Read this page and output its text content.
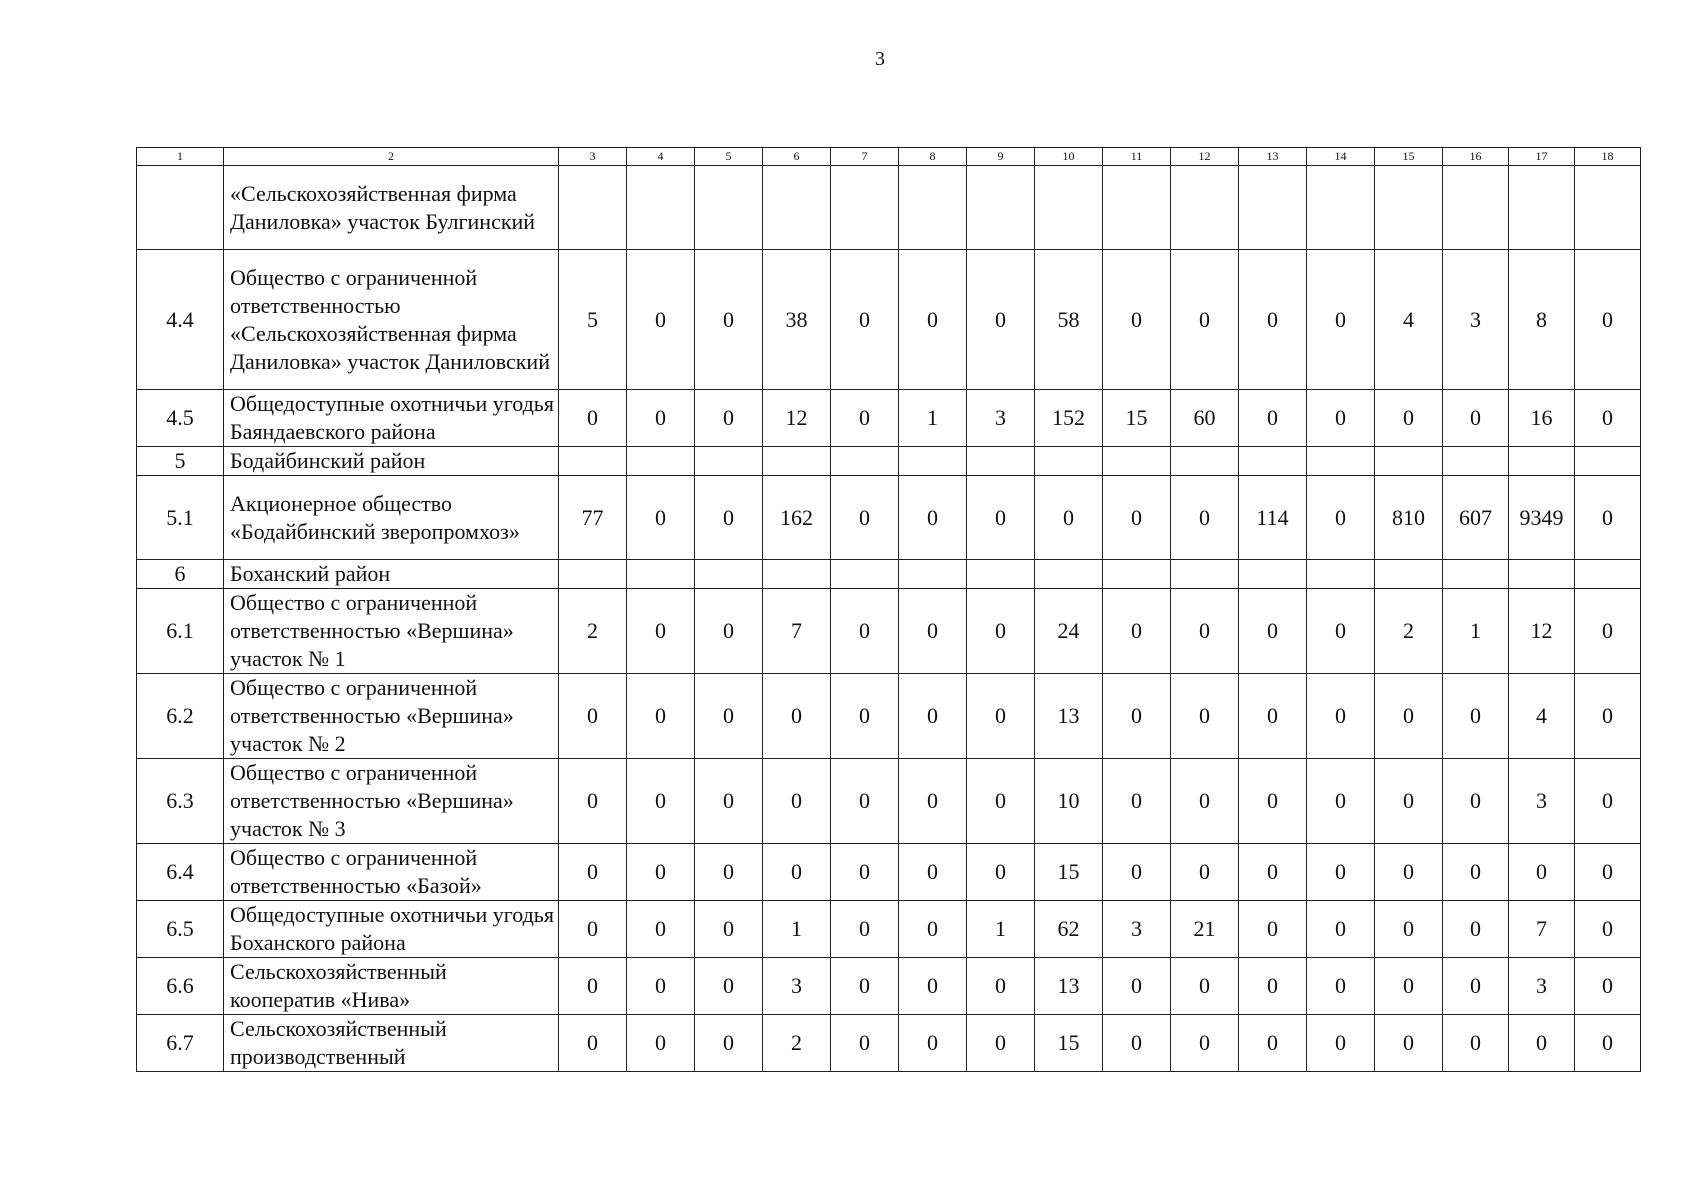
3
1	2	3	4	5	6	7	8	9	10	11	12	13	14	15	16	17	18
	«Сельскохозяйственная фирма Даниловка» участок Булгинский																
4.4	Общество с ограниченной ответственностью «Сельскохозяйственная фирма Даниловка» участок Даниловский	5	0	0	38	0	0	0	58	0	0	0	0	4	3	8	0
4.5	Общедоступные охотничьи угодья Баяндаевского района	0	0	0	12	0	1	3	152	15	60	0	0	0	0	16	0
5	Бодайбинский район																
5.1	Акционерное общество «Бодайбинский зверопромхоз»	77	0	0	162	0	0	0	0	0	0	114	0	810	607	9349	0
6	Боханский район																
6.1	Общество с ограниченной ответственностью «Вершина» участок № 1	2	0	0	7	0	0	0	24	0	0	0	0	2	1	12	0
6.2	Общество с ограниченной ответственностью «Вершина» участок № 2	0	0	0	0	0	0	0	13	0	0	0	0	0	0	4	0
6.3	Общество с ограниченной ответственностью «Вершина» участок № 3	0	0	0	0	0	0	0	10	0	0	0	0	0	0	3	0
6.4	Общество с ограниченной ответственностью «Базой»	0	0	0	0	0	0	0	15	0	0	0	0	0	0	0	0
6.5	Общедоступные охотничьи угодья Боханского района	0	0	0	1	0	0	1	62	3	21	0	0	0	0	7	0
6.6	Сельскохозяйственный кооператив «Нива»	0	0	0	3	0	0	0	13	0	0	0	0	0	0	3	0
6.7	Сельскохозяйственный производственный	0	0	0	2	0	0	0	15	0	0	0	0	0	0	0	0
